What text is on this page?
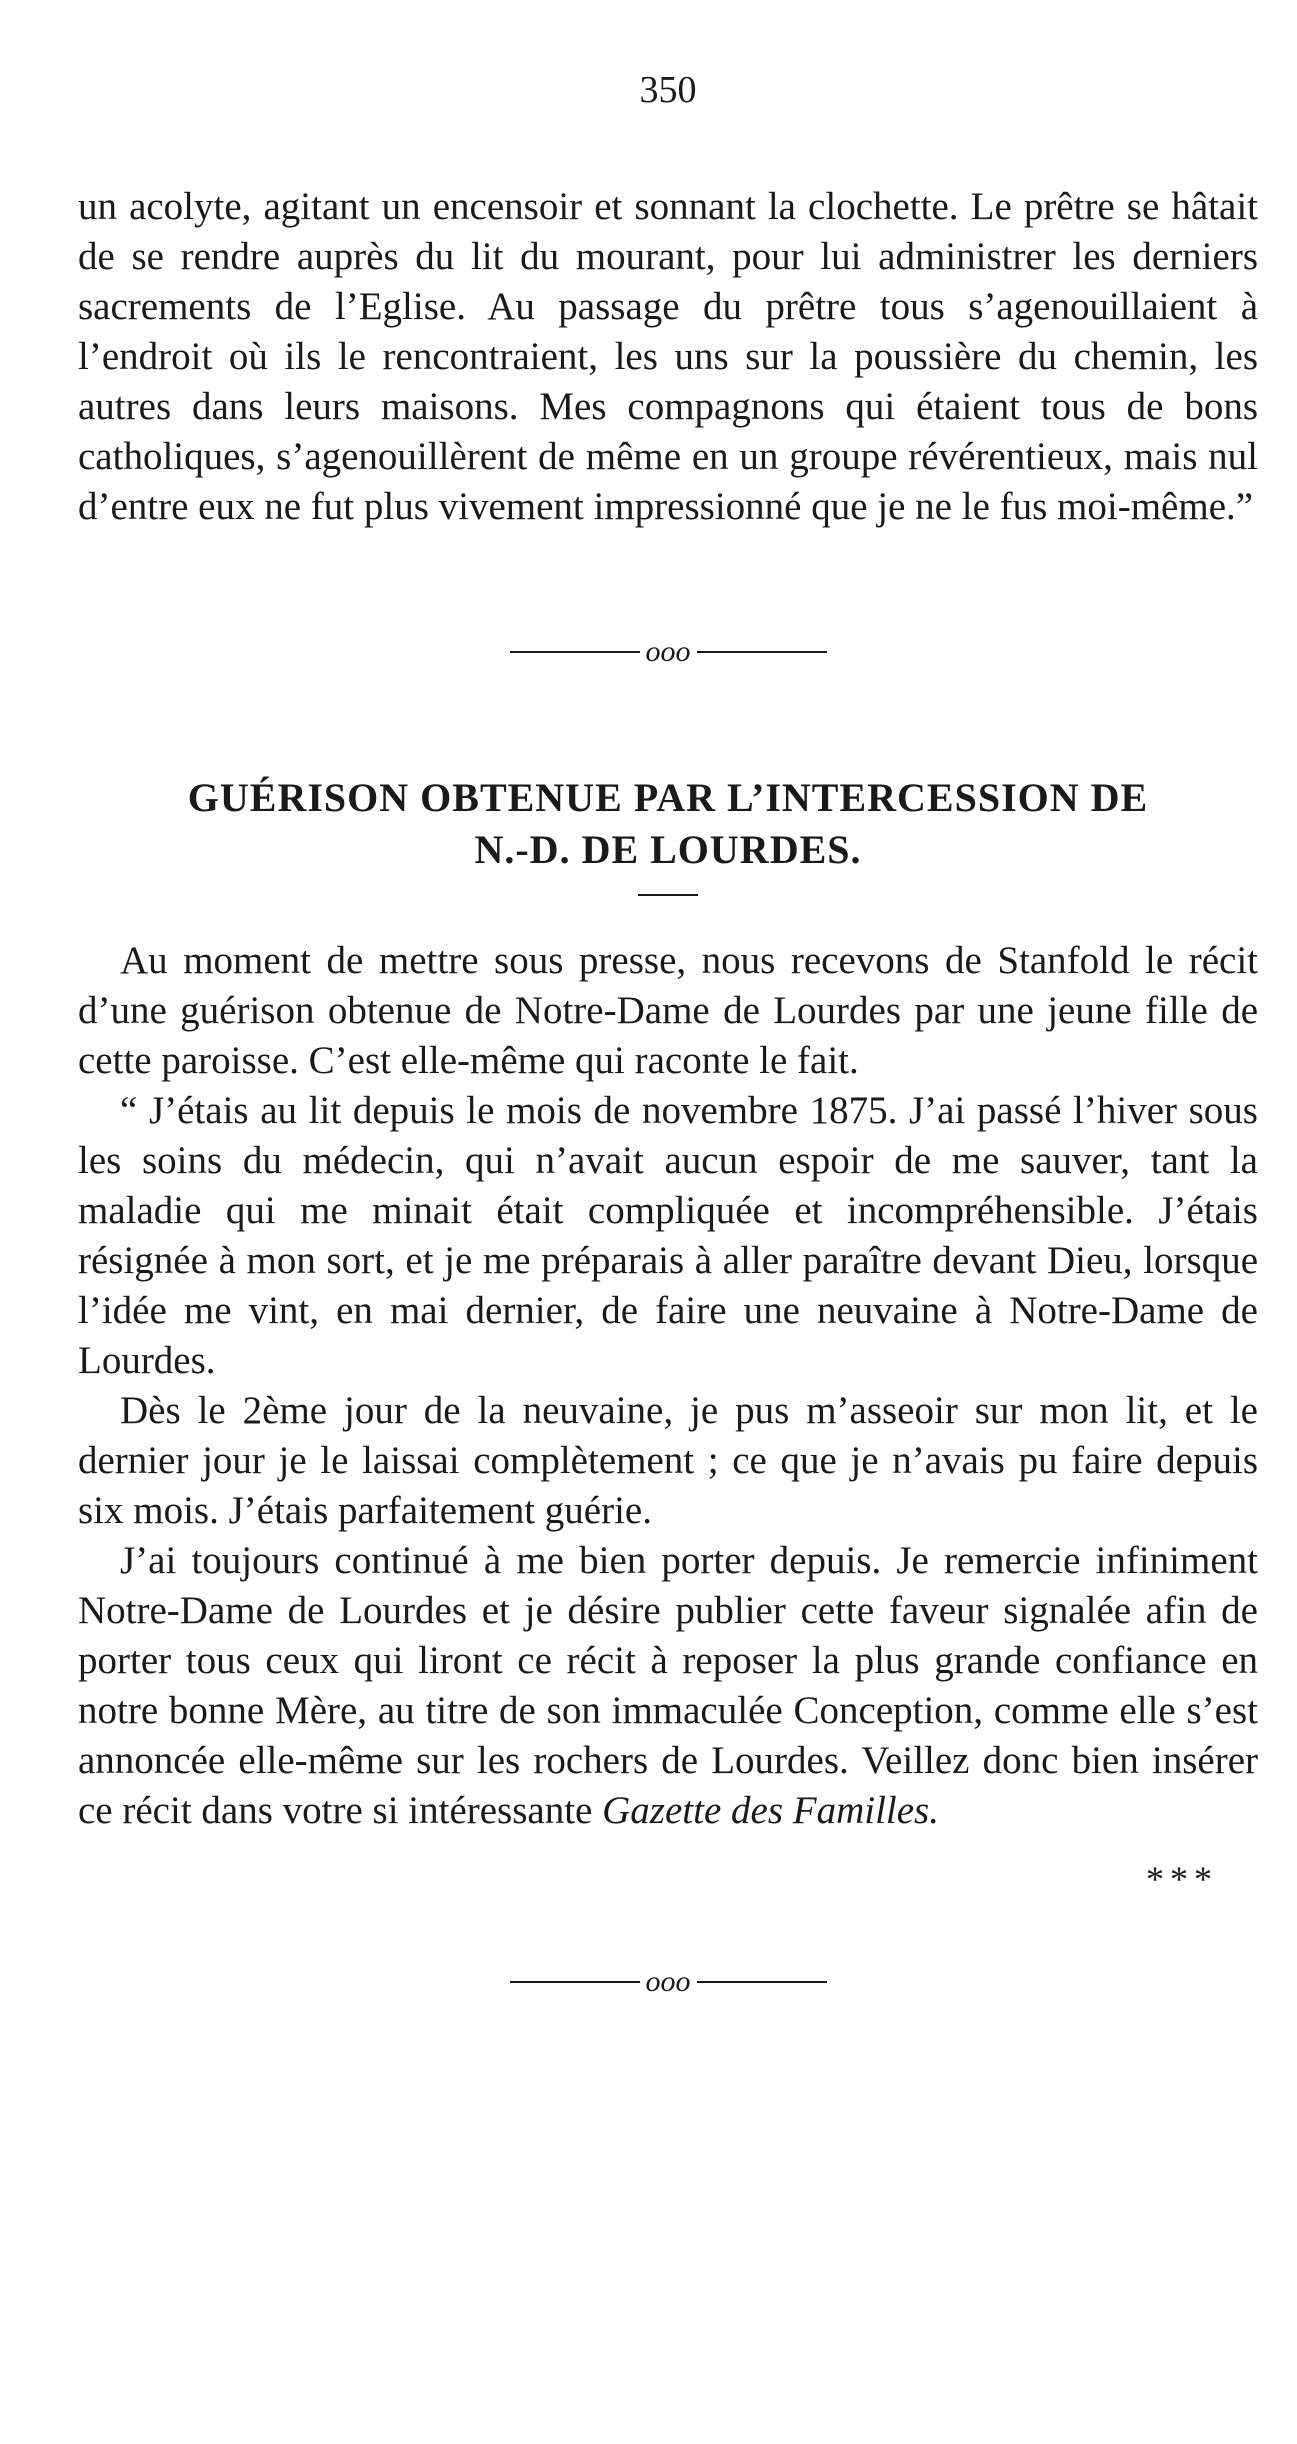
350

un acolyte, agitant un encensoir et sonnant la clochette. Le prêtre se hâtait de se rendre auprès du lit du mourant, pour lui administrer les derniers sacrements de l’Eglise. Au passage du prêtre tous s’agenouillaient à l’endroit où ils le rencontraient, les uns sur la poussière du chemin, les autres dans leurs maisons. Mes compagnons qui étaient tous de bons catholiques, s’agenouillèrent de même en un groupe révérentieux, mais nul d’entre eux ne fut plus vivement impressionné que je ne le fus moi-même.”

ooo
GUÉRISON OBTENUE PAR L’INTERCESSION DE
N.-D. DE LOURDES.

Au moment de mettre sous presse, nous recevons de Stanfold le récit d’une guérison obtenue de Notre-Dame de Lourdes par une jeune fille de cette paroisse. C’est elle-même qui raconte le fait.

“ J’étais au lit depuis le mois de novembre 1875. J’ai passé l’hiver sous les soins du médecin, qui n’avait aucun espoir de me sauver, tant la maladie qui me minait était compliquée et incompréhensible. J’étais résignée à mon sort, et je me préparais à aller paraître devant Dieu, lorsque l’idée me vint, en mai dernier, de faire une neuvaine à Notre-Dame de Lourdes.

Dès le 2ème jour de la neuvaine, je pus m’asseoir sur mon lit, et le dernier jour je le laissai complètement ; ce que je n’avais pu faire depuis six mois. J’étais parfaitement guérie.

J’ai toujours continué à me bien porter depuis. Je remercie infiniment Notre-Dame de Lourdes et je désire publier cette faveur signalée afin de porter tous ceux qui liront ce récit à reposer la plus grande confiance en notre bonne Mère, au titre de son immaculée Conception, comme elle s’est annoncée elle-même sur les rochers de Lourdes. Veillez donc bien insérer ce récit dans votre si intéressante Gazette des Familles.

***
ooo
